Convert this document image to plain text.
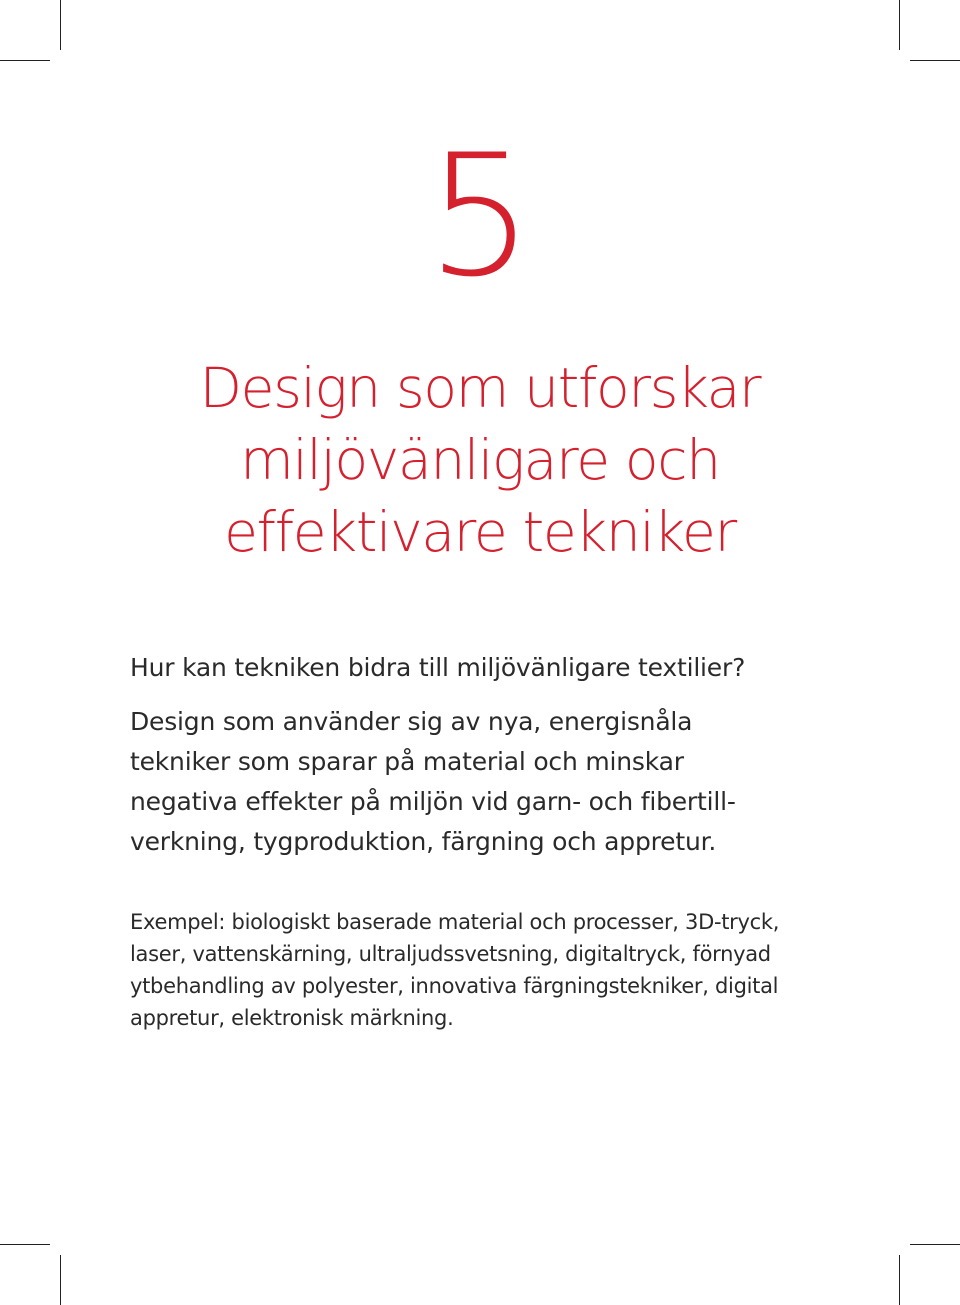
5
Design som utforskar
miljövänligare och
effektivare tekniker
Hur kan tekniken bidra till miljövänligare textilier?
Design som använder sig av nya, energisnåla
tekniker som sparar på material och minskar
negativa effekter på miljön vid garn- och fibertill-
verkning, tygproduktion, färgning och appretur.
Exempel: biologiskt baserade material och processer, 3D-tryck,
laser, vattenskärning, ultraljudssvetsning, digitaltryck, förnyad
ytbehandling av polyester, innovativa färgningstekniker, digital
appretur, elektronisk märkning.
